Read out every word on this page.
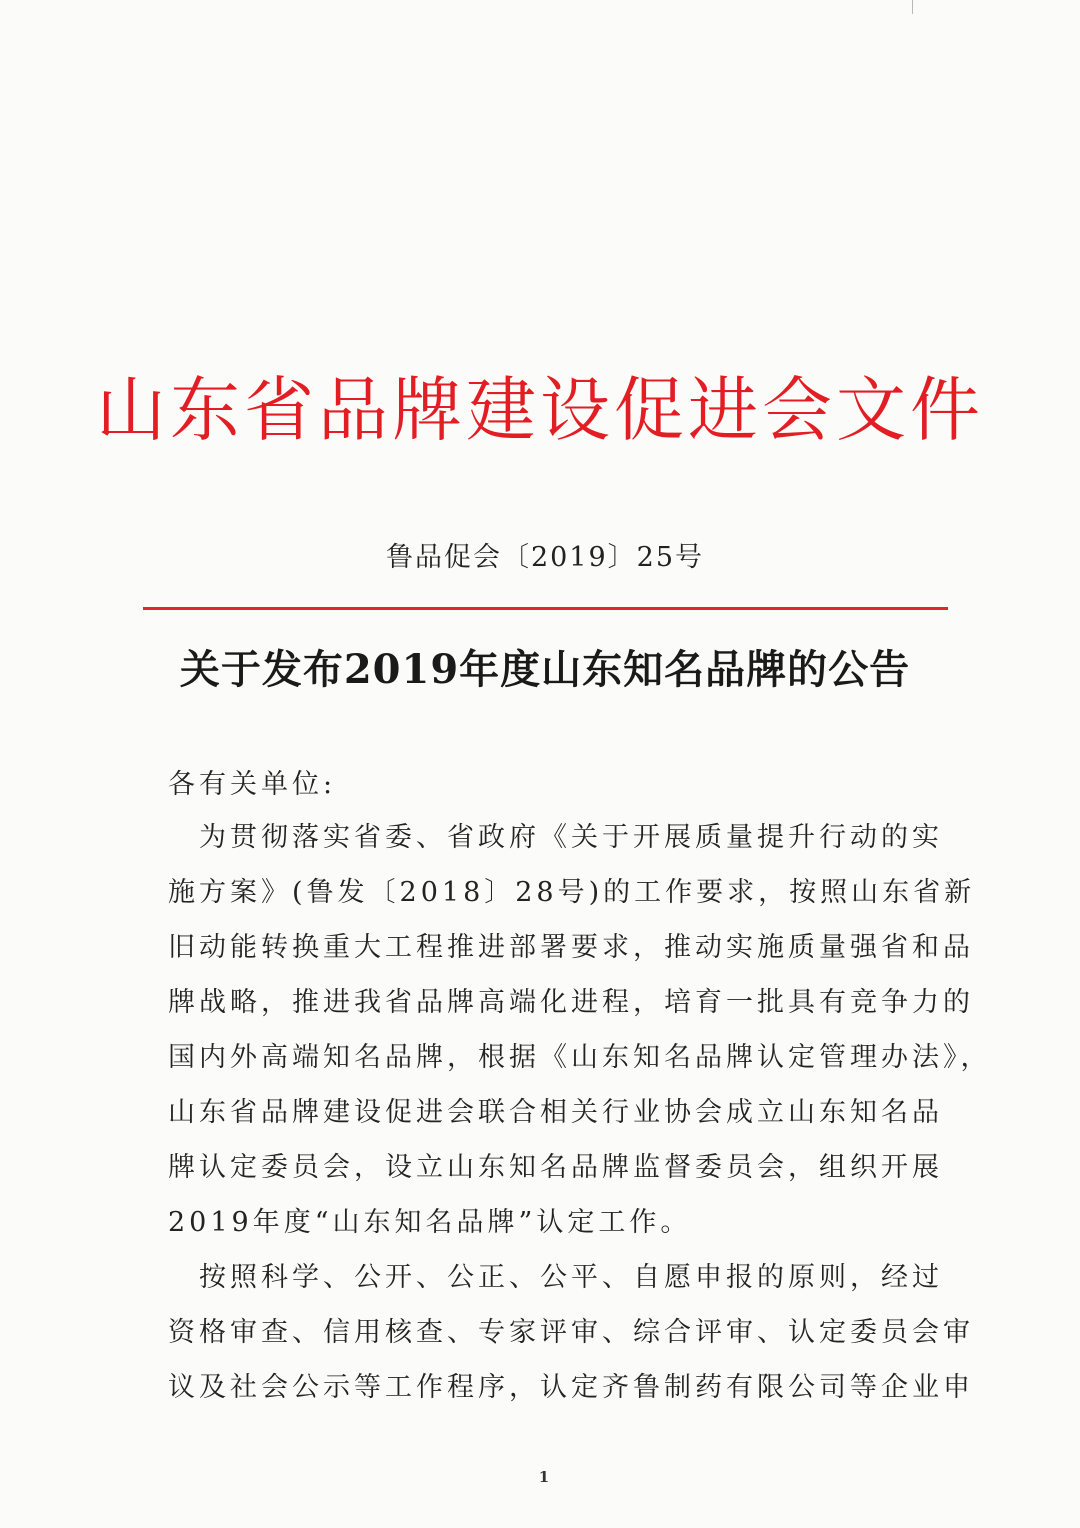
山东省品牌建设促进会文件
鲁品促会〔2019〕25号
关于发布2019年度山东知名品牌的公告
各有关单位:
　为贯彻落实省委、省政府《关于开展质量提升行动的实
施方案》(鲁发〔2018〕28号)的工作要求，按照山东省新
旧动能转换重大工程推进部署要求，推动实施质量强省和品
牌战略，推进我省品牌高端化进程，培育一批具有竞争力的
国内外高端知名品牌，根据《山东知名品牌认定管理办法》，
山东省品牌建设促进会联合相关行业协会成立山东知名品
牌认定委员会，设立山东知名品牌监督委员会，组织开展
2019年度“山东知名品牌”认定工作。
　按照科学、公开、公正、公平、自愿申报的原则，经过
资格审查、信用核查、专家评审、综合评审、认定委员会审
议及社会公示等工作程序，认定齐鲁制药有限公司等企业申
1
